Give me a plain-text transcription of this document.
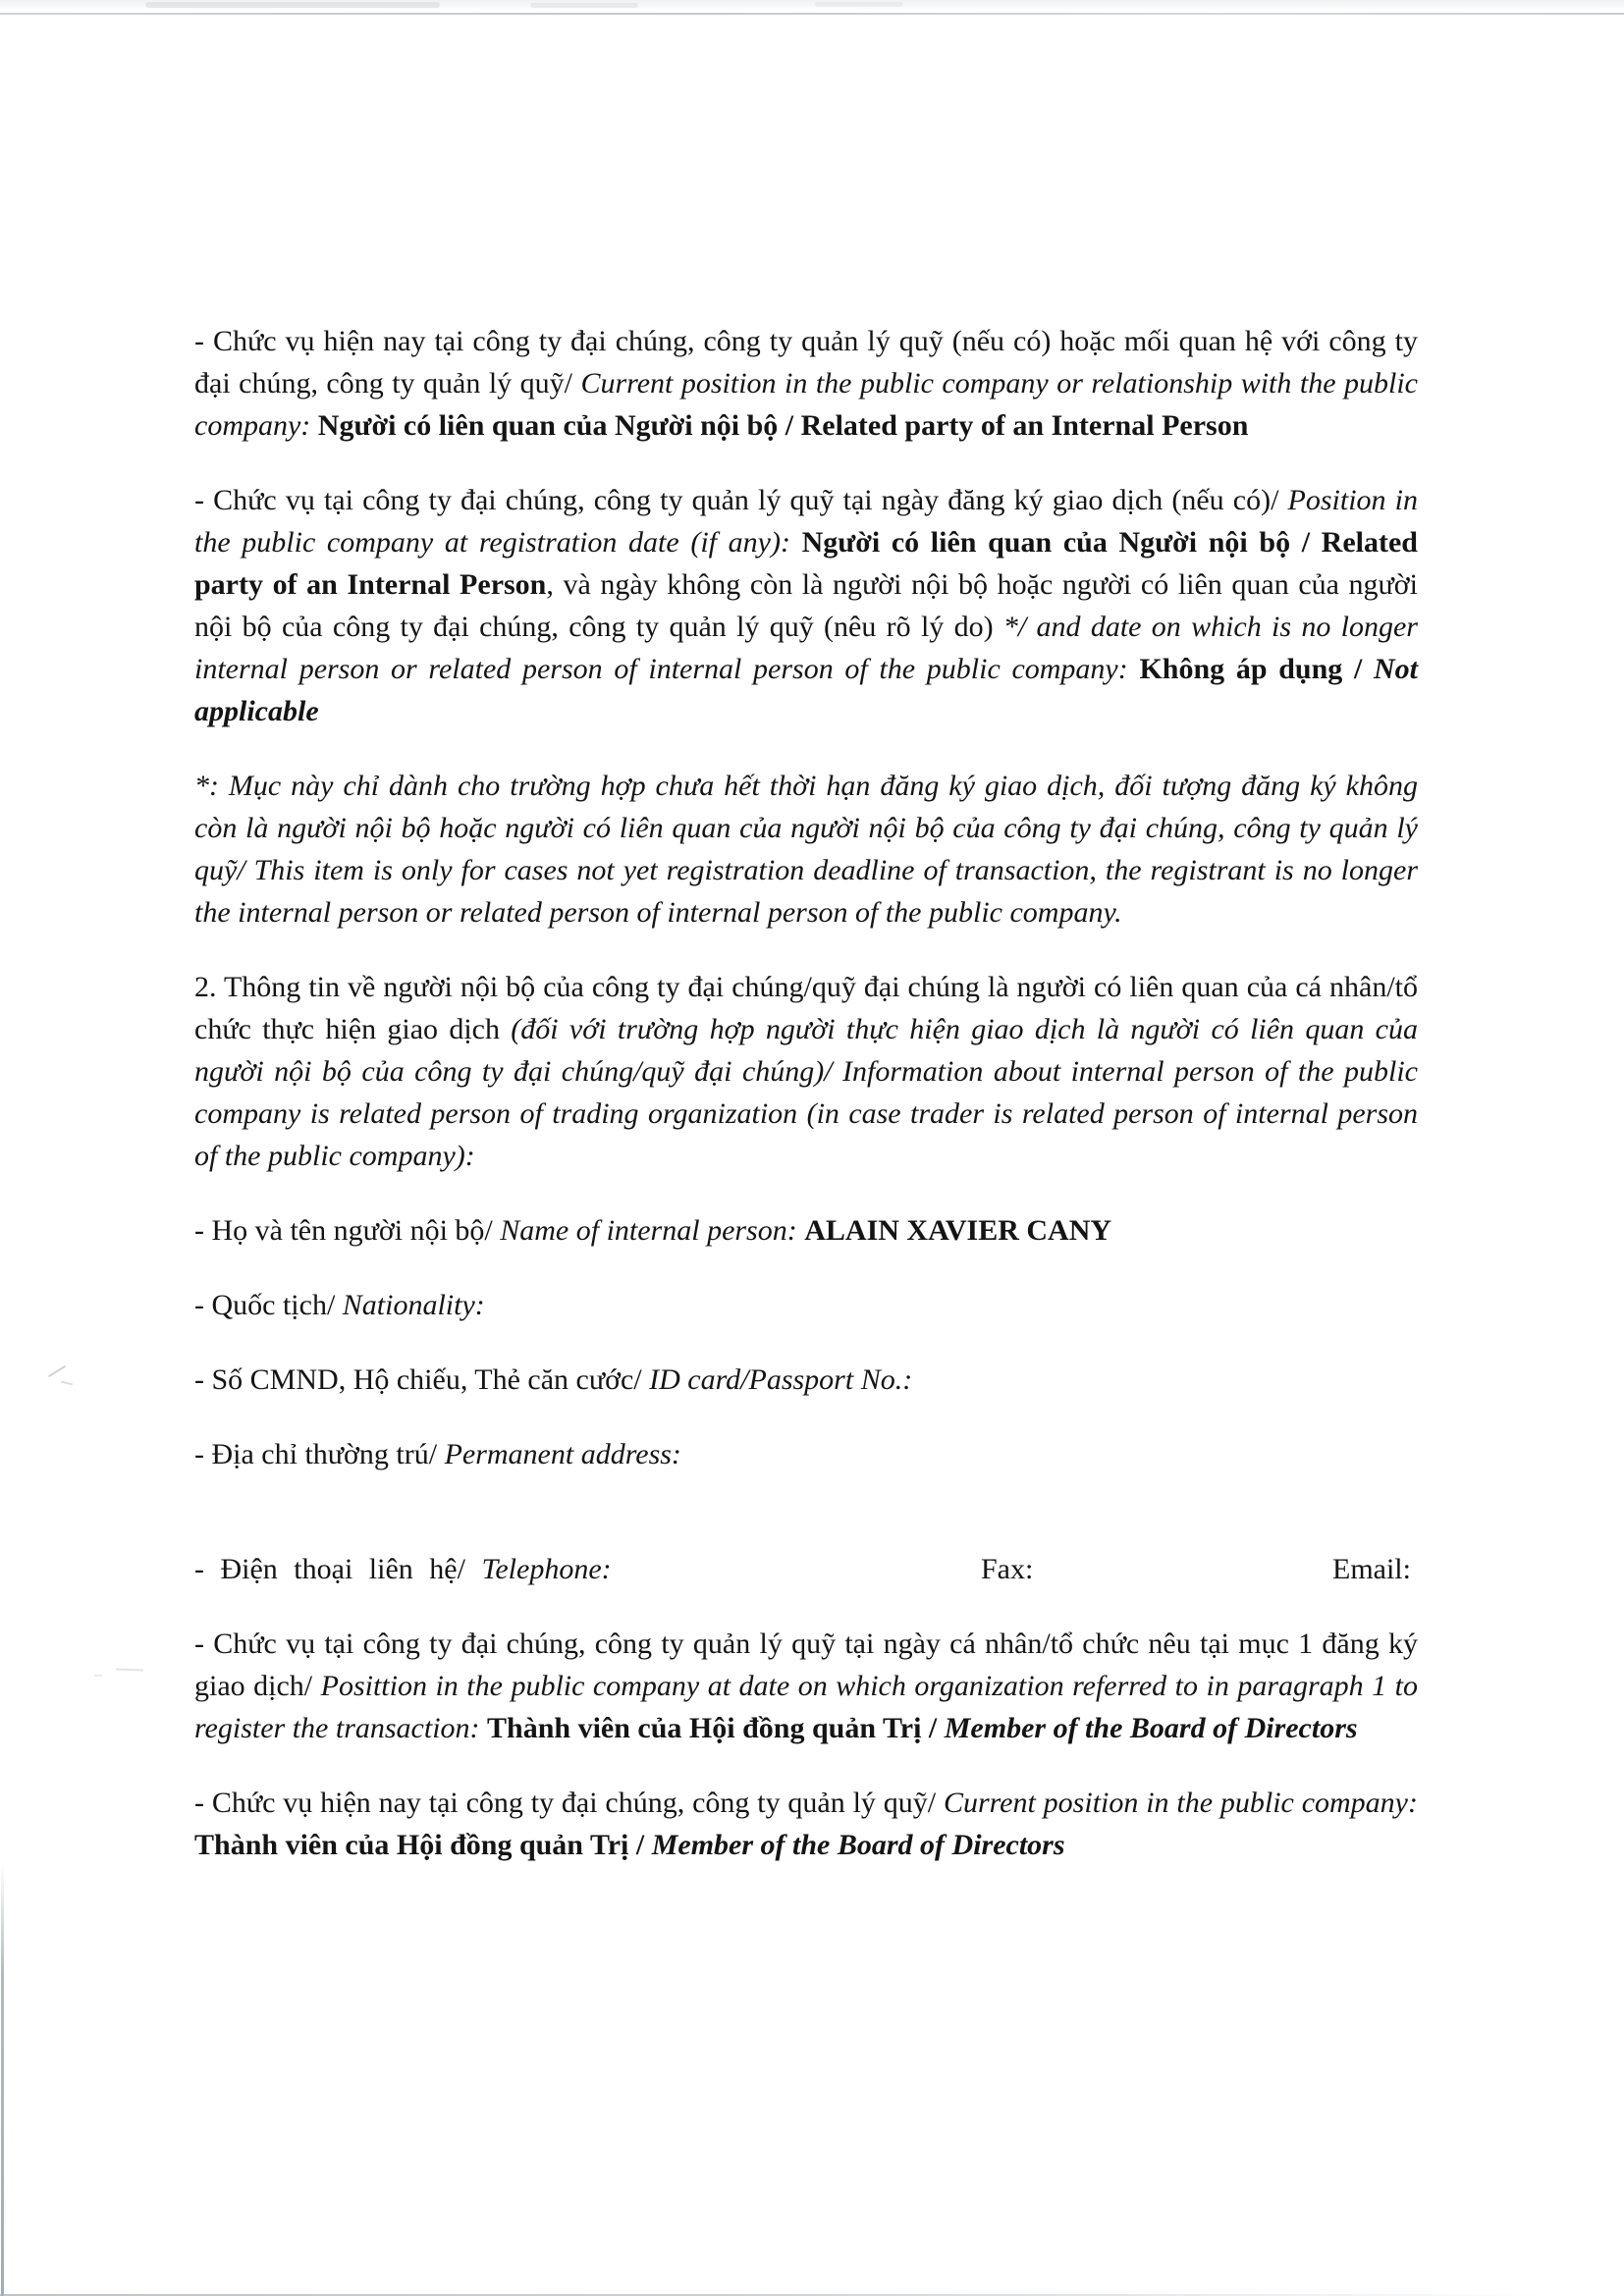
- Chức vụ hiện nay tại công ty đại chúng, công ty quản lý quỹ (nếu có) hoặc mối quan hệ với công ty đại chúng, công ty quản lý quỹ/ Current position in the public company or relationship with the public company: Người có liên quan của Người nội bộ / Related party of an Internal Person

- Chức vụ tại công ty đại chúng, công ty quản lý quỹ tại ngày đăng ký giao dịch (nếu có)/ Position in the public company at registration date (if any): Người có liên quan của Người nội bộ / Related party of an Internal Person, và ngày không còn là người nội bộ hoặc người có liên quan của người nội bộ của công ty đại chúng, công ty quản lý quỹ (nêu rõ lý do) */ and date on which is no longer internal person or related person of internal person of the public company: Không áp dụng / Not applicable

*: Mục này chỉ dành cho trường hợp chưa hết thời hạn đăng ký giao dịch, đối tượng đăng ký không còn là người nội bộ hoặc người có liên quan của người nội bộ của công ty đại chúng, công ty quản lý quỹ/ This item is only for cases not yet registration deadline of transaction, the registrant is no longer the internal person or related person of internal person of the public company.

2. Thông tin về người nội bộ của công ty đại chúng/quỹ đại chúng là người có liên quan của cá nhân/tổ chức thực hiện giao dịch (đối với trường hợp người thực hiện giao dịch là người có liên quan của người nội bộ của công ty đại chúng/quỹ đại chúng)/ Information about internal person of the public company is related person of trading organization (in case trader is related person of internal person of the public company):

- Họ và tên người nội bộ/ Name of internal person: ALAIN XAVIER CANY

- Quốc tịch/ Nationality:

- Số CMND, Hộ chiếu, Thẻ căn cước/ ID card/Passport No.:

- Địa chỉ thường trú/ Permanent address:

- Điện thoại liên hệ/ Telephone:	Fax:	Email:

- Chức vụ tại công ty đại chúng, công ty quản lý quỹ tại ngày cá nhân/tổ chức nêu tại mục 1 đăng ký giao dịch/ Posittion in the public company at date on which organization referred to in paragraph 1 to register the transaction: Thành viên của Hội đồng quản Trị / Member of the Board of Directors

- Chức vụ hiện nay tại công ty đại chúng, công ty quản lý quỹ/ Current position in the public company: Thành viên của Hội đồng quản Trị / Member of the Board of Directors
